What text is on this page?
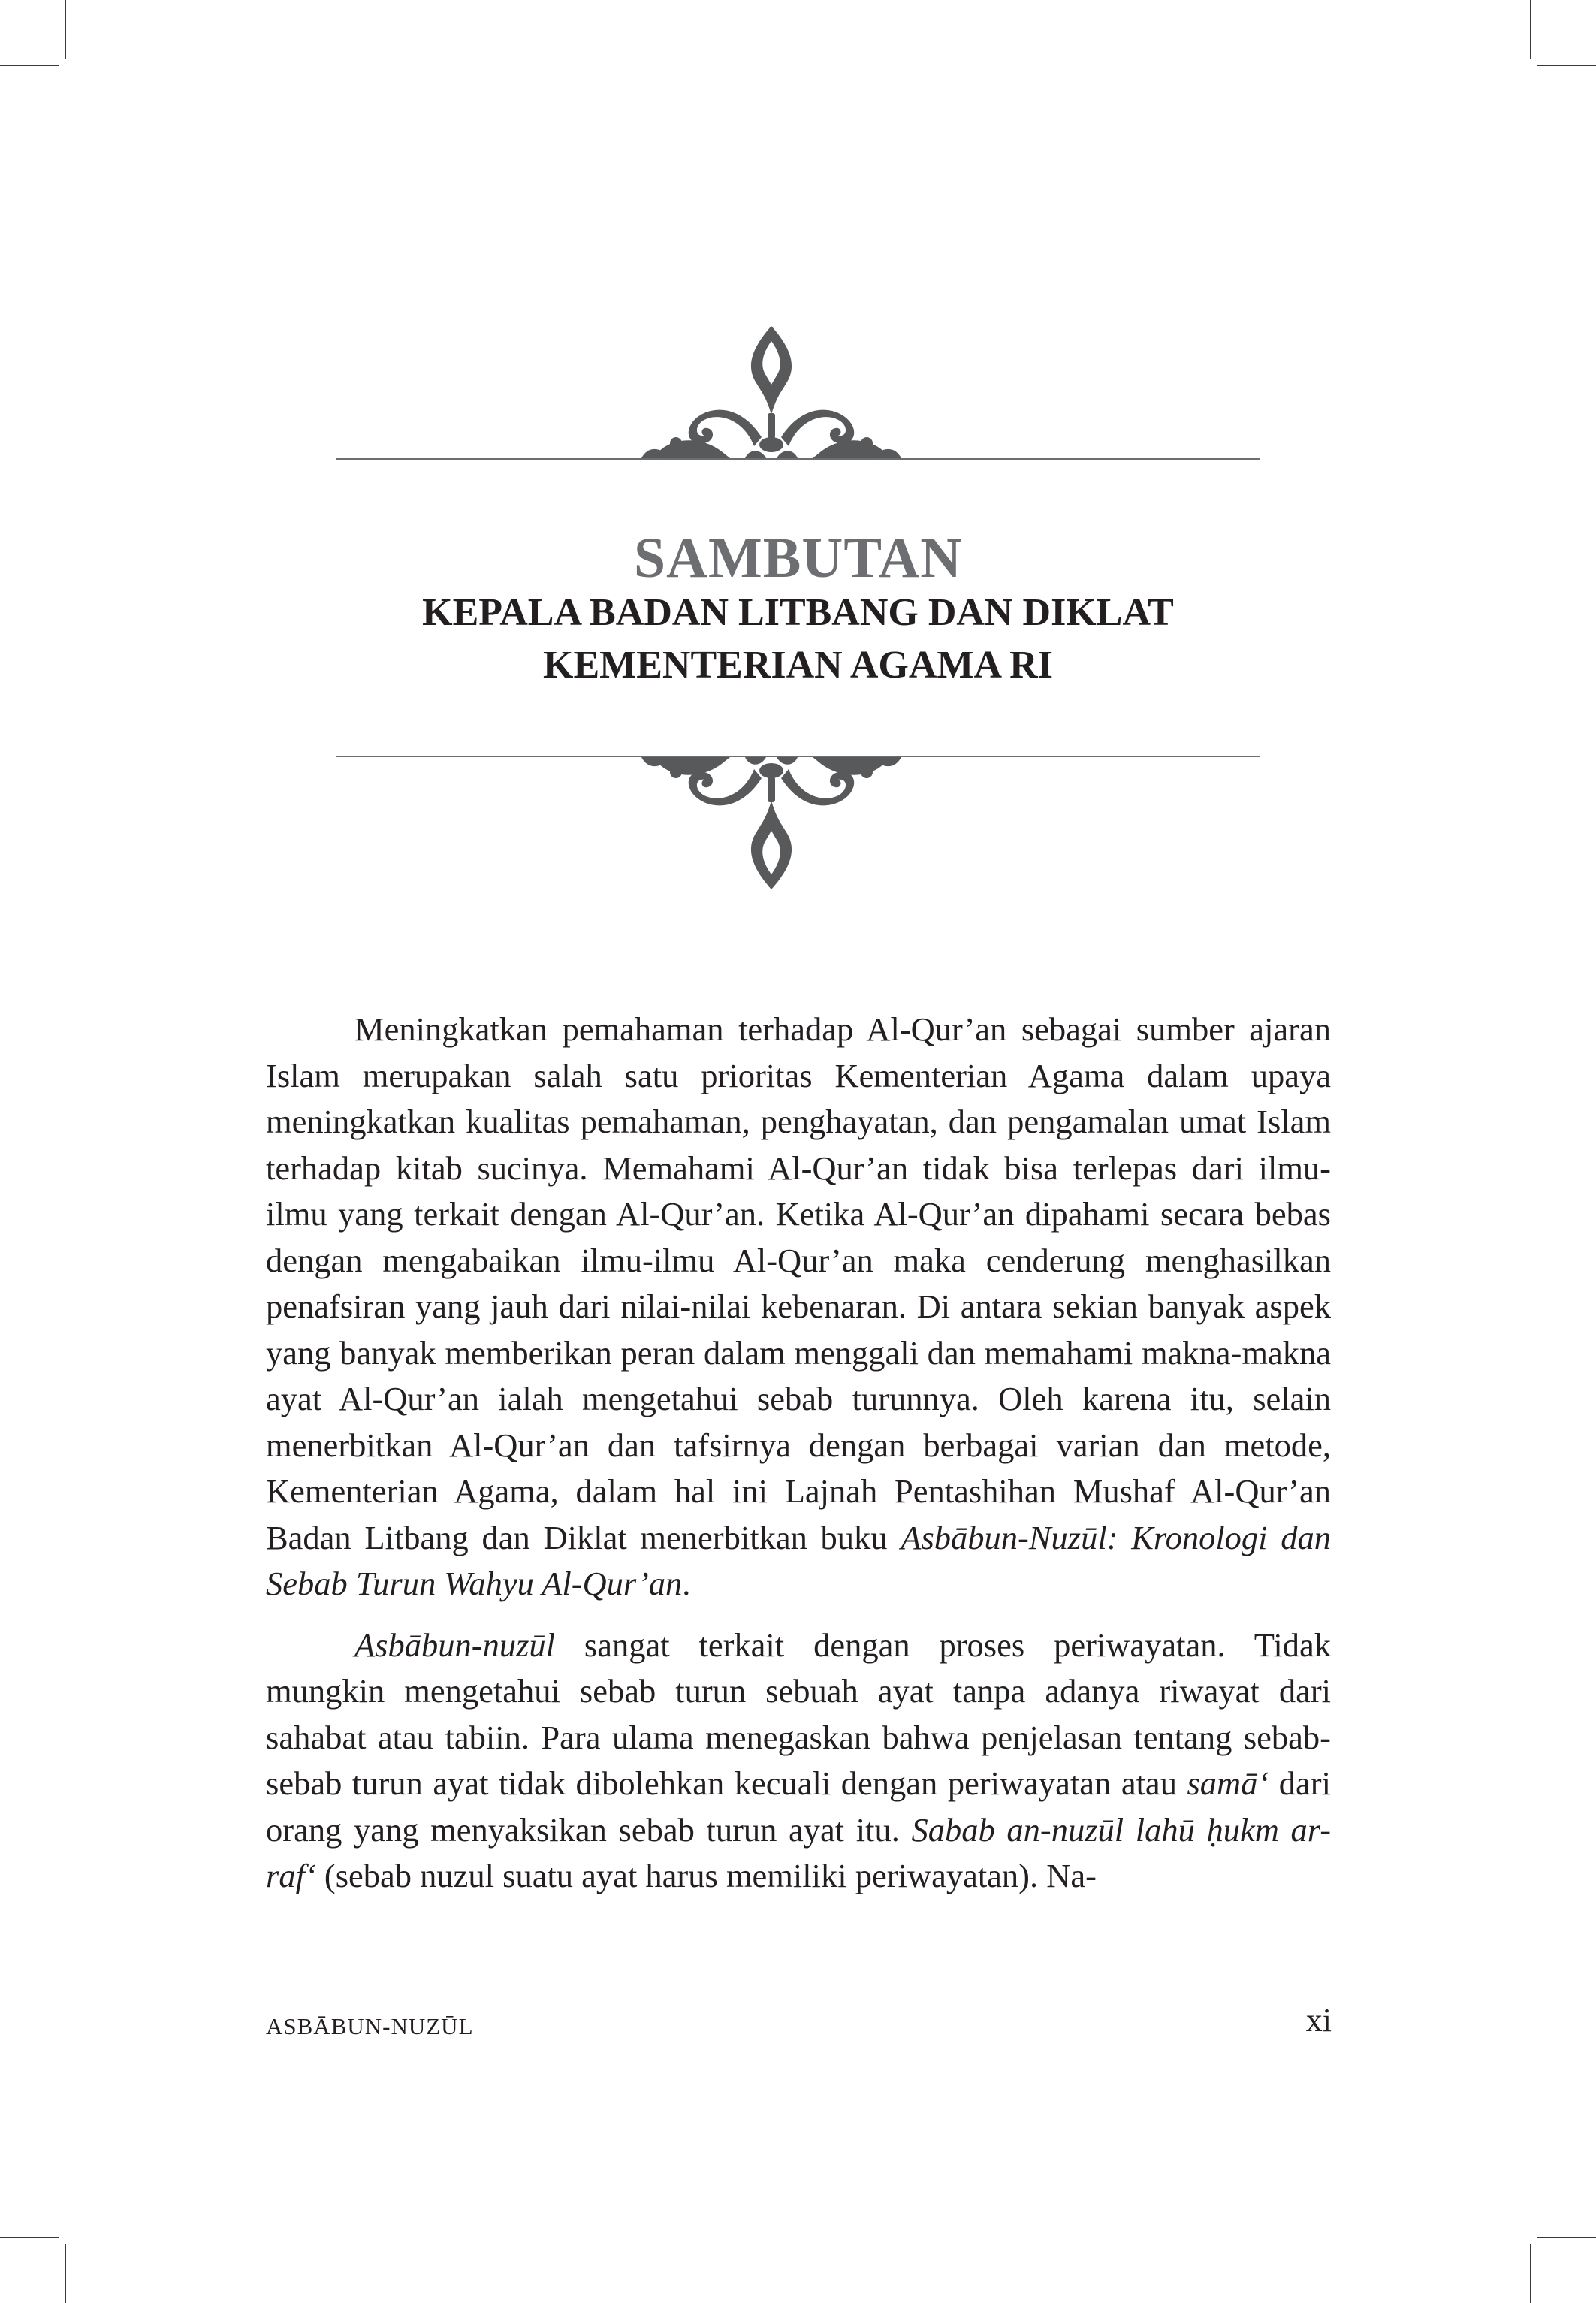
SAMBUTAN
KEPALA BADAN LITBANG DAN DIKLAT
KEMENTERIAN AGAMA RI

Meningkatkan pemahaman terhadap Al-Qur’an sebagai sumber ajaran Islam merupakan salah satu prioritas Kementerian Agama dalam upaya meningkatkan kualitas pemahaman, penghayatan, dan pengamalan umat Islam terhadap kitab sucinya. Memahami Al-Qur’an tidak bisa terlepas dari ilmu-ilmu yang terkait dengan Al-Qur’an. Ketika Al-Qur’an dipahami secara bebas dengan mengabaikan ilmu-ilmu Al-Qur’an maka cenderung menghasilkan penafsiran yang jauh dari nilai-nilai kebenaran. Di antara sekian banyak aspek yang banyak memberikan peran dalam menggali dan memahami makna-makna ayat Al-Qur’an ialah mengetahui sebab turunnya. Oleh karena itu, selain menerbitkan Al-Qur’an dan tafsirnya dengan berbagai varian dan metode, Kementerian Agama, dalam hal ini Lajnah Pentashihan Mushaf Al-Qur’an Badan Litbang dan Diklat menerbitkan buku Asbābun-Nuzūl: Kronologi dan Sebab Turun Wahyu Al-Qur’an.

Asbābun-nuzūl sangat terkait dengan proses periwayatan. Tidak mungkin mengetahui sebab turun sebuah ayat tanpa adanya riwayat dari sahabat atau tabiin. Para ulama menegaskan bahwa penjelasan tentang sebab-sebab turun ayat tidak dibolehkan kecuali dengan periwayatan atau samā‘ dari orang yang menyaksikan sebab turun ayat itu. Sabab an-nuzūl lahū ḥukm ar-raf‘ (sebab nuzul suatu ayat harus memiliki periwayatan). Na-

ASBĀBUN-NUZŪL	xi
